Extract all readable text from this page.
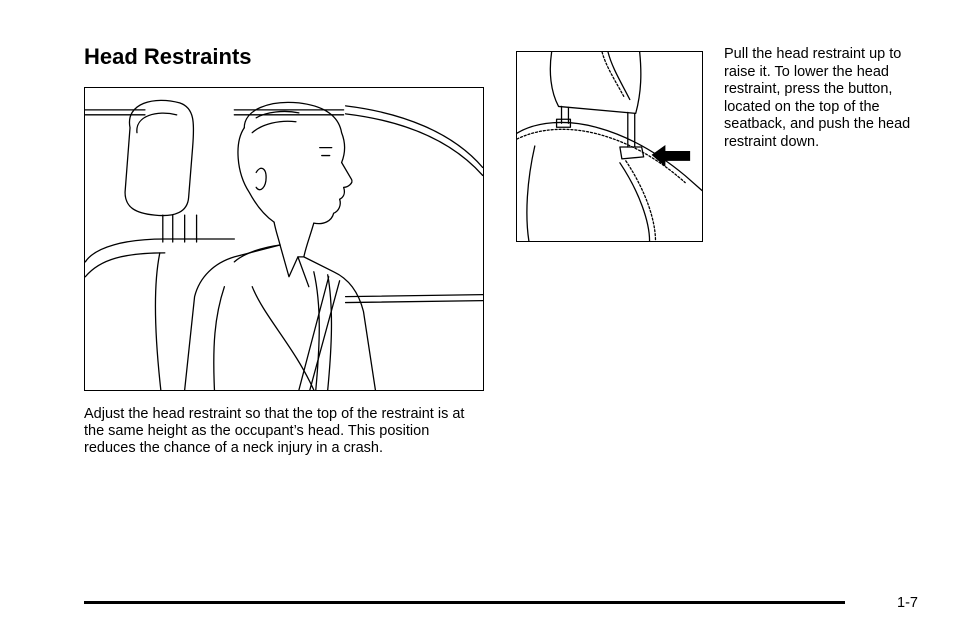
Head Restraints

Adjust the head restraint so that the top of the restraint is at the same height as the occupant’s head. This position reduces the chance of a neck injury in a crash.

Pull the head restraint up to raise it. To lower the head restraint, press the button, located on the top of the seatback, and push the head restraint down.

1-7
